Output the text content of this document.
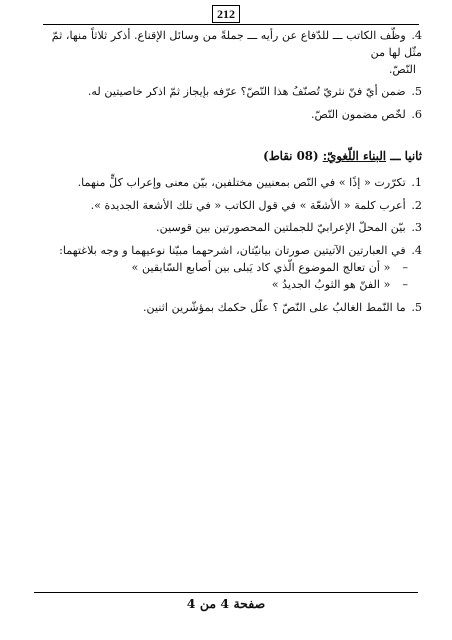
212

4. وظّف الكاتب ـــ للدّفاع عن رأيه ـــ جملةً من وسائل الإقناع. أذكر ثلاثاً منها، ثمّ مثّل لها من

النّصّ.

5. ضمن أيّ فنّ نثريّ تُصنّفُ هذا النّصّ؟ عرّفه بإيجاز ثمّ اذكر خاصيتين له.

6. لخّص مضمون النّصّ.

ثانيا ـــ البناء اللّغويّ: (08 نقاط)

1. تكرّرت « إذًا » في النّص بمعنيين مختلفين، بيّن معنى وإعراب كلٍّ منهما.

2. أعرب كلمة « الأشعّة » في قول الكاتب « في تلك الأشعة الجديدة ».

3. بيّن المحلّ الإعرابيّ للجملتين المحصورتين بين قوسين.

4. في العبارتين الآتيتين صورتان بيانيّتان، اشرحهما مبيّنا نوعيهما و وجه بلاغتهما:

– « أن تعالج الموضوع الّذي كاد يَبلى بين أصابع السّابقين »

– « الفنّ هو الثوبُ الجديدُ »

5. ما النّمط الغالبُ على النّصّ ؟ علّل حكمك بمؤشّرين اثنين.

صفحة 4 من 4
